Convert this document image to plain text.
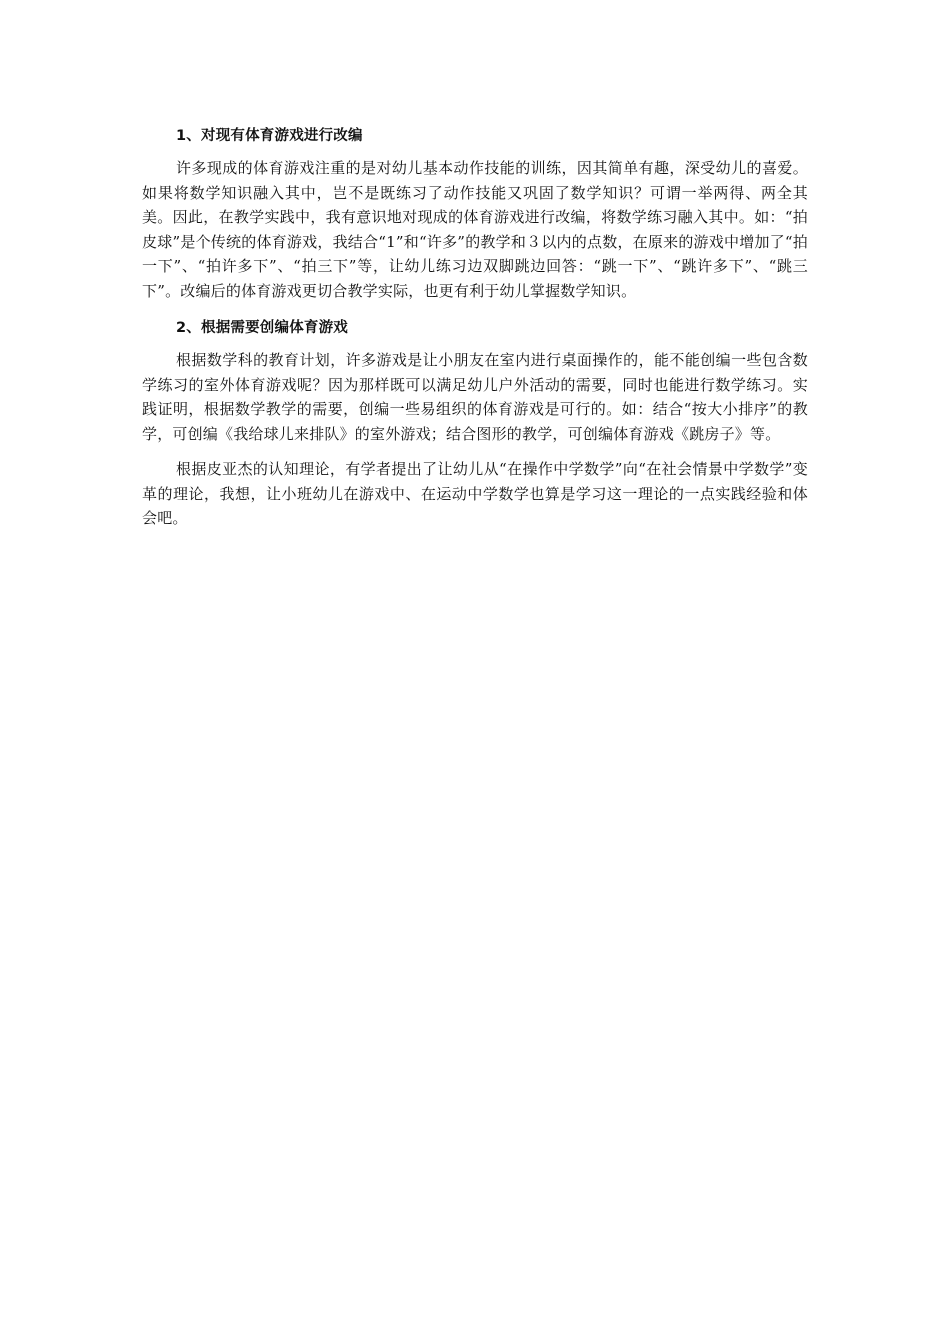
1、对现有体育游戏进行改编

许多现成的体育游戏注重的是对幼儿基本动作技能的训练，因其简单有趣，深受幼儿的喜爱。如果将数学知识融入其中，岂不是既练习了动作技能又巩固了数学知识？可谓一举两得、两全其美。因此，在教学实践中，我有意识地对现成的体育游戏进行改编，将数学练习融入其中。如：“拍皮球”是个传统的体育游戏，我结合“1”和“许多”的教学和３以内的点数，在原来的游戏中增加了“拍一下”、“拍许多下”、“拍三下”等，让幼儿练习边双脚跳边回答：“跳一下”、“跳许多下”、“跳三下”。改编后的体育游戏更切合教学实际，也更有利于幼儿掌握数学知识。

2、根据需要创编体育游戏

根据数学科的教育计划，许多游戏是让小朋友在室内进行桌面操作的，能不能创编一些包含数学练习的室外体育游戏呢？因为那样既可以满足幼儿户外活动的需要，同时也能进行数学练习。实践证明，根据数学教学的需要，创编一些易组织的体育游戏是可行的。如：结合“按大小排序”的教学，可创编《我给球儿来排队》的室外游戏；结合图形的教学，可创编体育游戏《跳房子》等。

根据皮亚杰的认知理论，有学者提出了让幼儿从“在操作中学数学”向“在社会情景中学数学”变革的理论，我想，让小班幼儿在游戏中、在运动中学数学也算是学习这一理论的一点实践经验和体会吧。
